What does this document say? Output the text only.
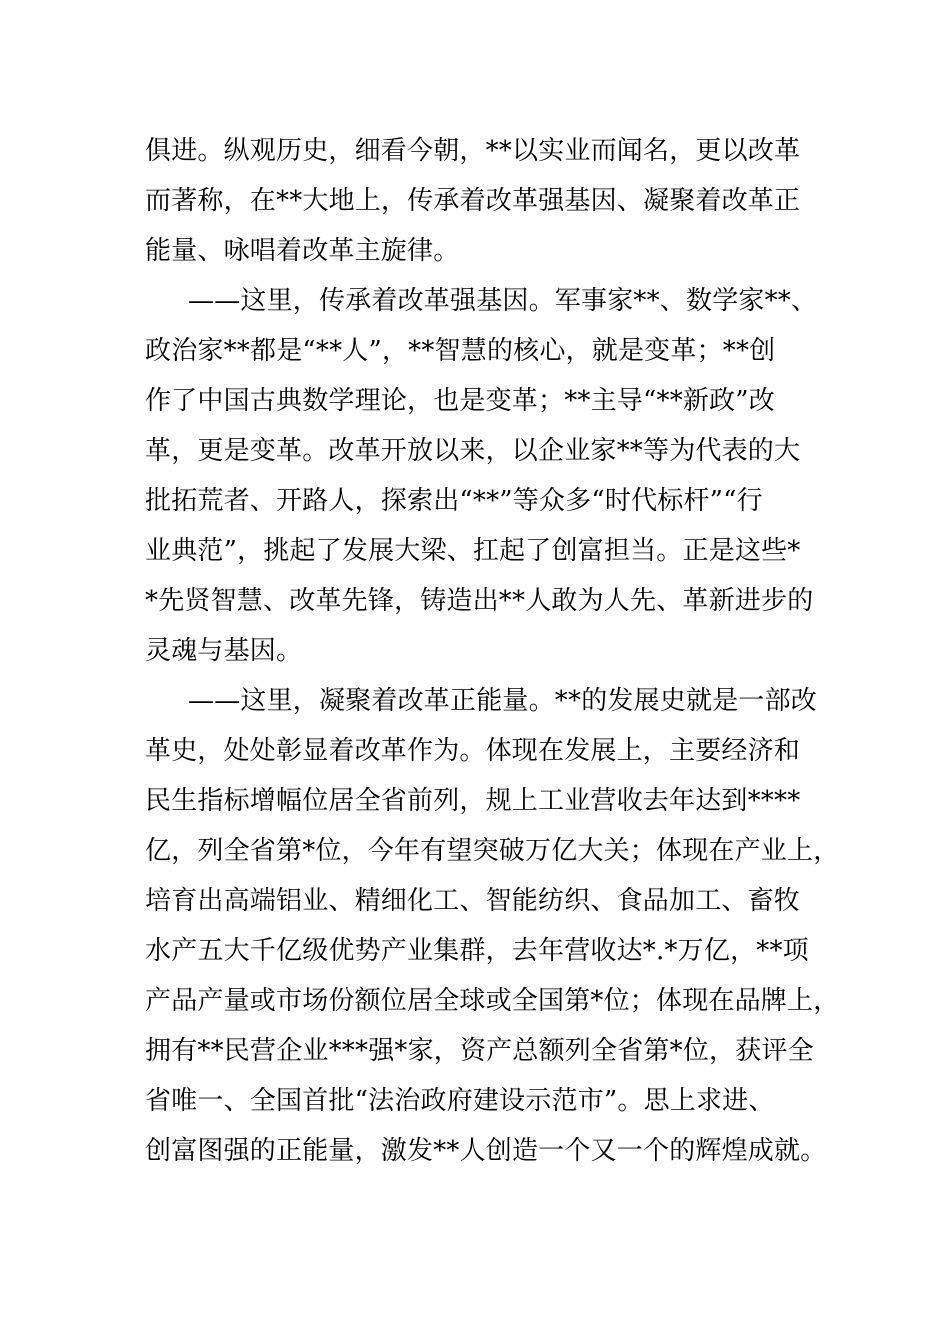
俱进。纵观历史，细看今朝，**以实业而闻名，更以改革
而著称，在**大地上，传承着改革强基因、凝聚着改革正
能量、咏唱着改革主旋律。
——这里，传承着改革强基因。军事家**、数学家**、
政治家**都是“**人”，**智慧的核心，就是变革；**创
作了中国古典数学理论，也是变革；**主导“**新政”改
革，更是变革。改革开放以来，以企业家**等为代表的大
批拓荒者、开路人，探索出“**”等众多“时代标杆”“行
业典范”，挑起了发展大梁、扛起了创富担当。正是这些*
*先贤智慧、改革先锋，铸造出**人敢为人先、革新进步的
灵魂与基因。
——这里，凝聚着改革正能量。**的发展史就是一部改
革史，处处彰显着改革作为。体现在发展上，主要经济和
民生指标增幅位居全省前列，规上工业营收去年达到****
亿，列全省第*位，今年有望突破万亿大关；体现在产业上，
培育出高端铝业、精细化工、智能纺织、食品加工、畜牧
水产五大千亿级优势产业集群，去年营收达*.*万亿，**项
产品产量或市场份额位居全球或全国第*位；体现在品牌上，
拥有**民营企业***强*家，资产总额列全省第*位，获评全
省唯一、全国首批“法治政府建设示范市”。思上求进、
创富图强的正能量，激发**人创造一个又一个的辉煌成就。
